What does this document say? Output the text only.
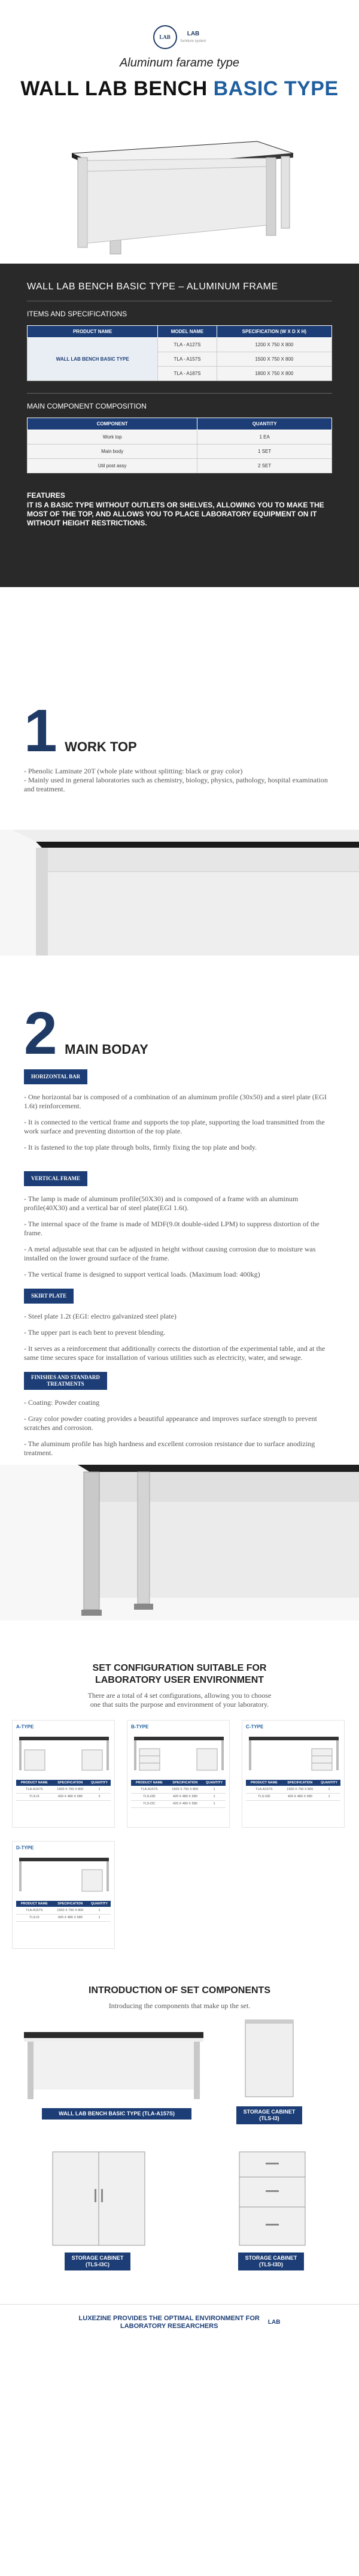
LAB	LAB
furniture system
Aluminum farame type
WALL LAB BENCH BASIC TYPE
WALL LAB BENCH BASIC TYPE – ALUMINUM FRAME
ITEMS AND SPECIFICATIONS
PRODUCT NAME	MODEL NAME	SPECIFICATION (W X D X H)
WALL LAB BENCH BASIC TYPE	TLA - A127S	1200 X 750 X 800
	TLA - A157S	1500 X 750 X 800
	TLA - A187S	1800 X 750 X 800
MAIN COMPONENT COMPOSITION
COMPONENT	QUANTITY
Work top	1 EA
Main body	1 SET
Util post assy	2 SET
FEATURES

IT IS A BASIC TYPE WITHOUT OUTLETS OR SHELVES, ALLOWING YOU TO MAKE THE MOST OF THE TOP, AND ALLOWS YOU TO PLACE LABORATORY EQUIPMENT ON IT WITHOUT HEIGHT RESTRICTIONS.

1 WORK TOP

- Phenolic Laminate 20T (whole plate without splitting: black or gray color)

- Mainly used in general laboratories such as chemistry, biology, physics, pathology, hospital examination and treatment.

2 MAIN BODAY
HORIZONTAL BAR

- One horizontal bar is composed of a combination of an aluminum profile (30x50) and a steel plate (EGI 1.6t) reinforcement.

- It is connected to the vertical frame and supports the top plate, supporting the load transmitted from the work surface and preventing distortion of the top plate.

- It is fastened to the top plate through bolts, firmly fixing the top plate and body.

VERTICAL FRAME

- The lamp is made of aluminum profile(50X30) and is composed of a frame with an aluminum profile(40X30) and a vertical bar of steel plate(EGI 1.6t).

- The internal space of the frame is made of MDF(9.0t double-sided LPM) to suppress distortion of the frame.

- A metal adjustable seat that can be adjusted in height without causing corrosion due to moisture was installed on the lower ground surface of the frame.

- The vertical frame is designed to support vertical loads. (Maximum load: 400kg)

SKIRT PLATE

- Steel plate 1.2t (EGI: electro galvanized steel plate)

- The upper part is each bent to prevent blending.

- It serves as a reinforcement that additionally corrects the distortion of the experimental table, and at the same time secures space for installation of various utilities such as electricity, water, and sewage.

FINISHES AND STANDARD
TREATMENTS

- Coating: Powder coating

- Gray color powder coating provides a beautiful appearance and improves surface strength to prevent scratches and corrosion.

- The aluminum profile has high hardness and excellent corrosion resistance due to surface anodizing treatment.

SET CONFIGURATION SUITABLE FOR
LABORATORY USER ENVIRONMENT
There are a total of 4 set configurations, allowing you to choose
one that suits the purpose and environment of your laboratory.
A-TYPE
PRODUCT NAME	SPECIFICATION	QUANTITY
TLA-A157S	1500 X 750 X 800	1
TLS-I3	420 X 480 X 580	2
B-TYPE
PRODUCT NAME	SPECIFICATION	QUANTITY
TLA-A157S	1500 X 750 X 800	1
TLS-I3D	420 X 480 X 580	1
TLS-I3C	420 X 480 X 580	1
C-TYPE
PRODUCT NAME	SPECIFICATION	QUANTITY
TLA-A157S	1500 X 750 X 800	1
TLS-I3D	420 X 480 X 580	1
D-TYPE
PRODUCT NAME	SPECIFICATION	QUANTITY
TLA-A157S	1500 X 750 X 800	1
TLS-I3	420 X 480 X 580	1
INTRODUCTION OF SET COMPONENTS
Introducing the components that make up the set.
WALL LAB BENCH BASIC TYPE (TLA-A157S)	STORAGE CABINET
(TLS-I3)
STORAGE CABINET
(TLS-I3C)
STORAGE CABINET
(TLS-I3D)

LUXEZINE PROVIDES THE OPTIMAL ENVIRONMENT FOR
LABORATORY RESEARCHERS	LAB
